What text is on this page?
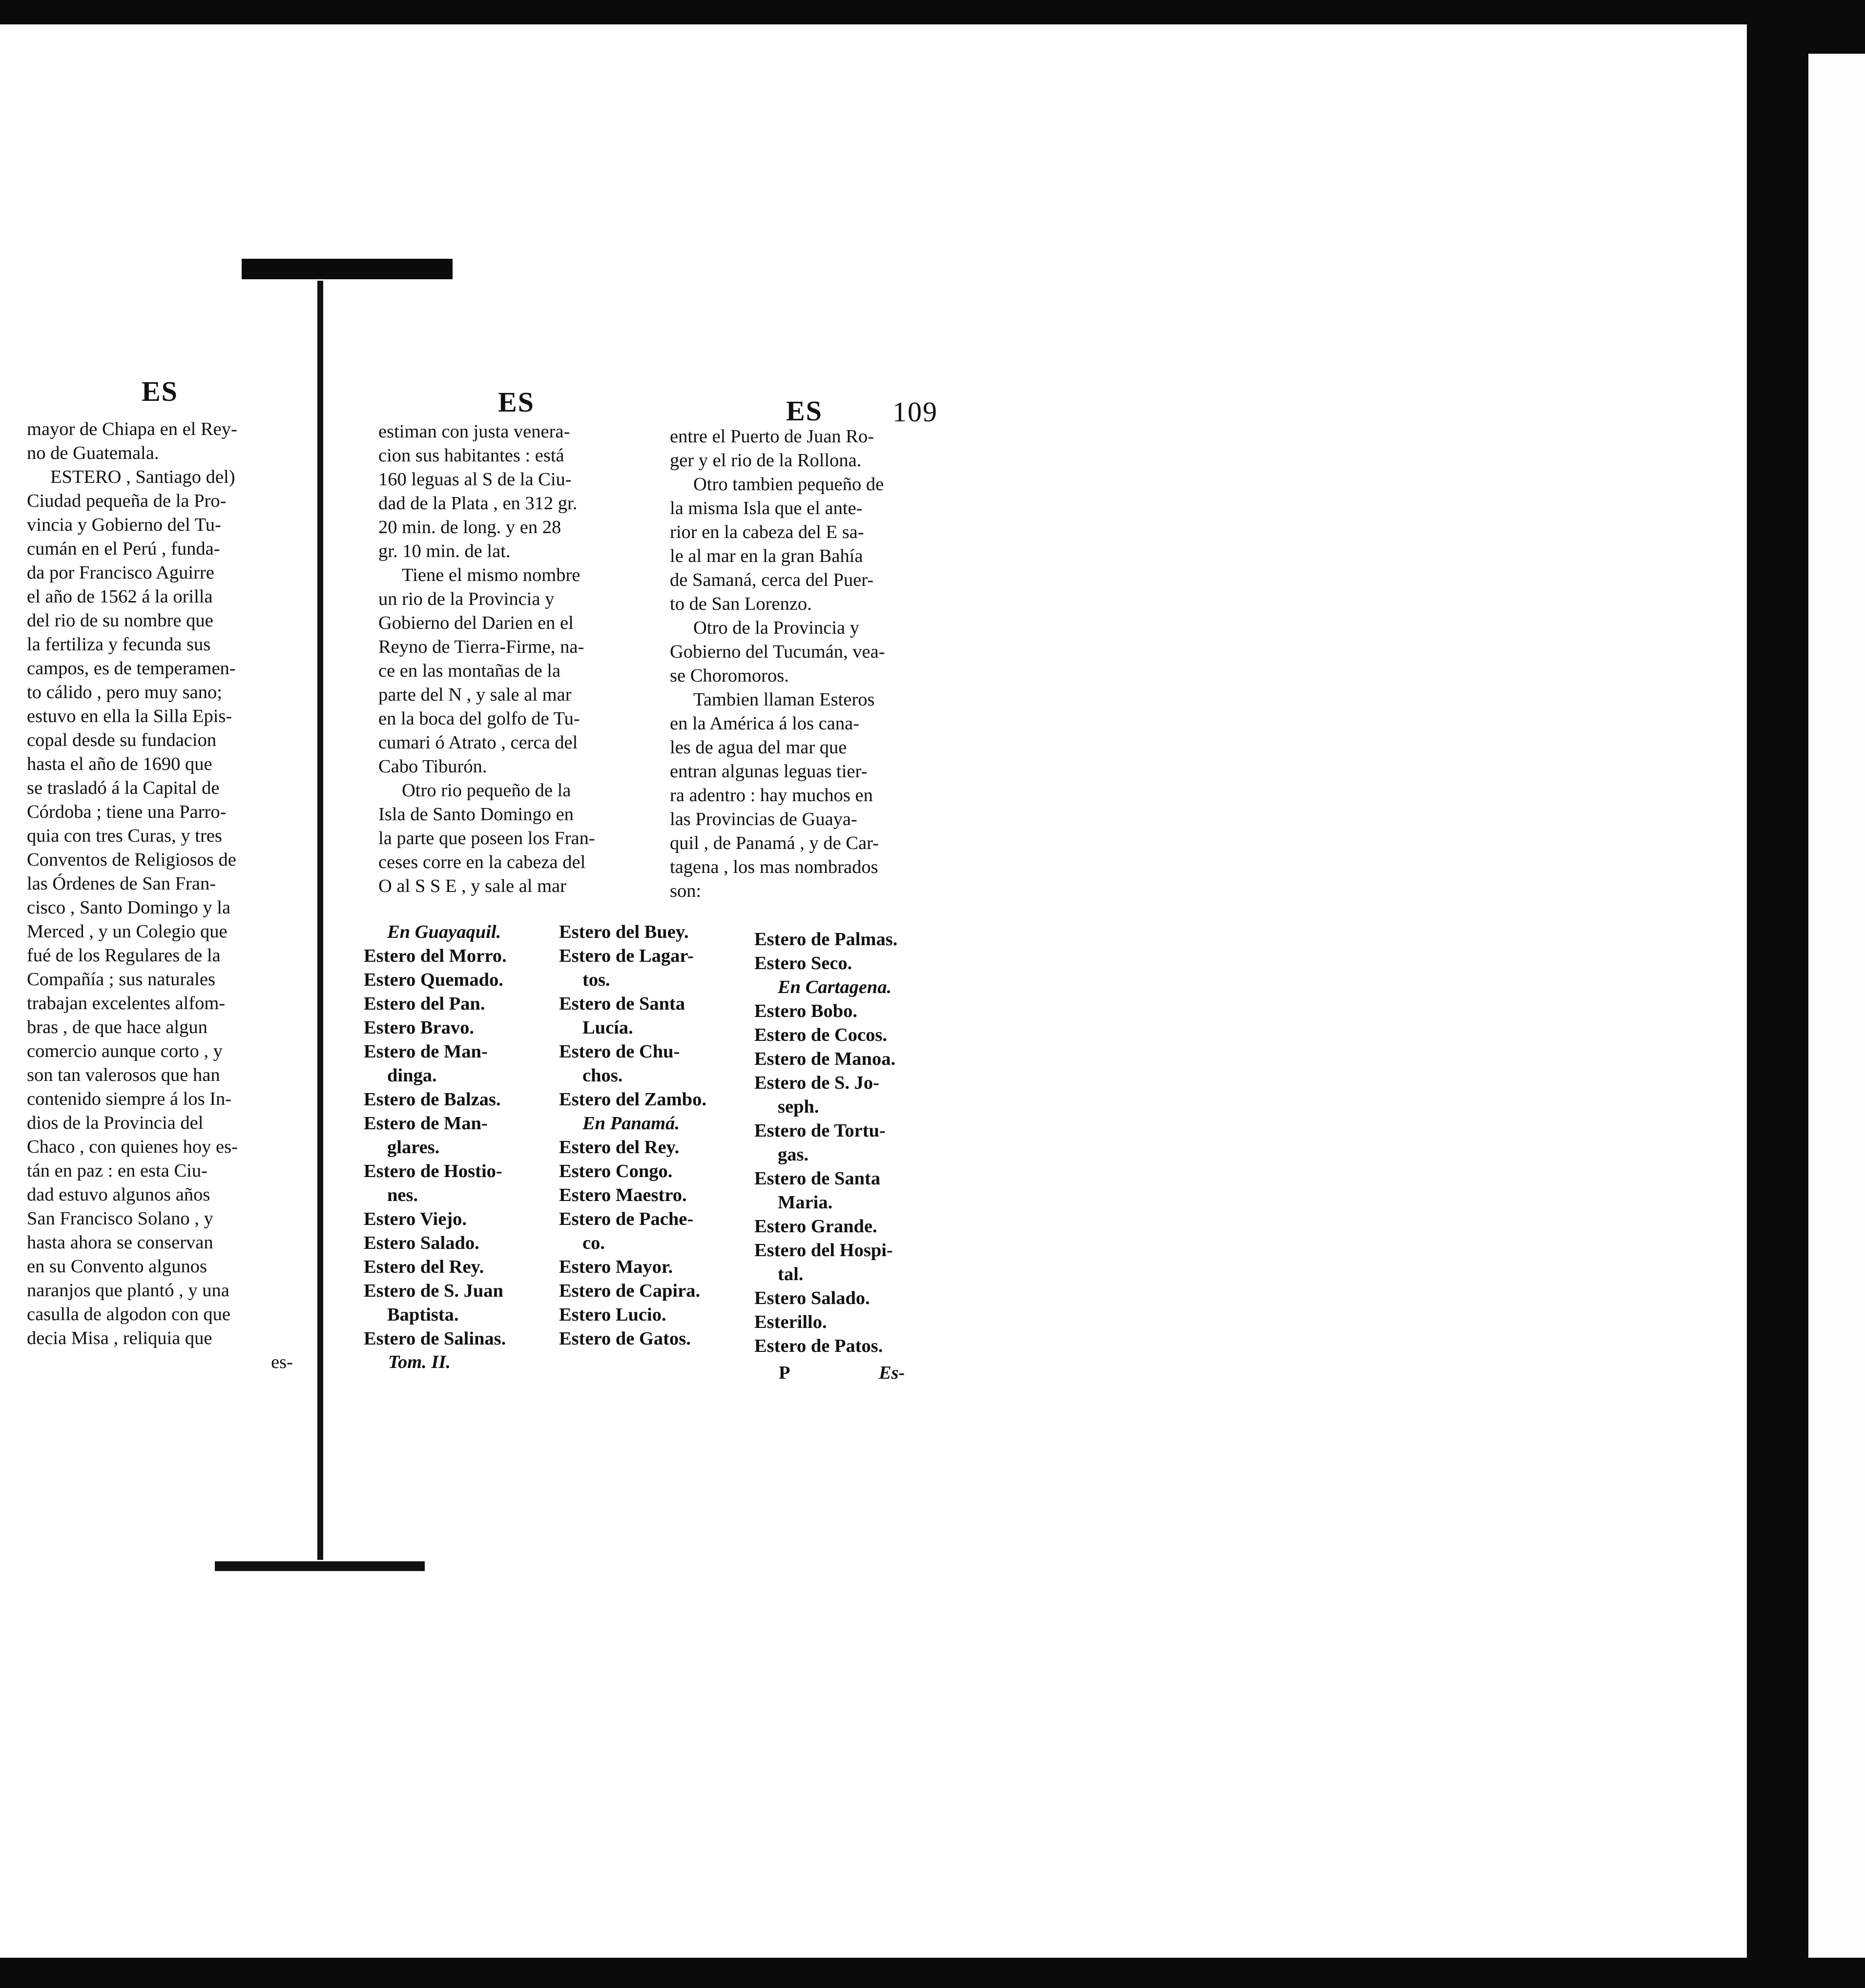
ES	ES	ES 109

mayor de Chiapa en el Rey-

no de Guatemala.

ESTERO , Santiago del)

Ciudad pequeña de la Pro-

vincia y Gobierno del Tu-

cumán en el Perú , funda-

da por Francisco Aguirre

el año de 1562 á la orilla

del rio de su nombre que

la fertiliza y fecunda sus

campos, es de temperamen-

to cálido , pero muy sano;

estuvo en ella la Silla Epis-

copal desde su fundacion

hasta el año de 1690 que

se trasladó á la Capital de

Córdoba ; tiene una Parro-

quia con tres Curas, y tres

Conventos de Religiosos de

las Órdenes de San Fran-

cisco , Santo Domingo y la

Merced , y un Colegio que

fué de los Regulares de la

Compañía ; sus naturales

trabajan excelentes alfom-

bras , de que hace algun

comercio aunque corto , y

son tan valerosos que han

contenido siempre á los In-

dios de la Provincia del

Chaco , con quienes hoy es-

tán en paz : en esta Ciu-

dad estuvo algunos años

San Francisco Solano , y

hasta ahora se conservan

en su Convento algunos

naranjos que plantó , y una

casulla de algodon con que

decia Misa , reliquia que

es-

estiman con justa venera-

cion sus habitantes : está

160 leguas al S de la Ciu-

dad de la Plata , en 312 gr.

20 min. de long. y en 28

gr. 10 min. de lat.

Tiene el mismo nombre

un rio de la Provincia y

Gobierno del Darien en el

Reyno de Tierra-Firme, na-

ce en las montañas de la

parte del N , y sale al mar

en la boca del golfo de Tu-

cumari ó Atrato , cerca del

Cabo Tiburón.

Otro rio pequeño de la

Isla de Santo Domingo en

la parte que poseen los Fran-

ceses corre en la cabeza del

O al S S E , y sale al mar

entre el Puerto de Juan Ro-

ger y el rio de la Rollona.

Otro tambien pequeño de

la misma Isla que el ante-

rior en la cabeza del E sa-

le al mar en la gran Bahía

de Samaná, cerca del Puer-

to de San Lorenzo.

Otro de la Provincia y

Gobierno del Tucumán, vea-

se Choromoros.

Tambien llaman Esteros

en la América á los cana-

les de agua del mar que

entran algunas leguas tier-

ra adentro : hay muchos en

las Provincias de Guaya-

quil , de Panamá , y de Car-

tagena , los mas nombrados

son:

En Guayaquil.
Estero del Morro.
Estero Quemado.
Estero del Pan.
Estero Bravo.
Estero de Man-
dinga.
Estero de Balzas.
Estero de Man-
glares.
Estero de Hostio-
nes.
Estero Viejo.
Estero Salado.
Estero del Rey.
Estero de S. Juan
Baptista.
Estero de Salinas.
Estero del Buey.
Estero de Lagar-
tos.
Estero de Santa
Lucía.
Estero de Chu-
chos.
Estero del Zambo.
En Panamá.
Estero del Rey.
Estero Congo.
Estero Maestro.
Estero de Pache-
co.
Estero Mayor.
Estero de Capira.
Estero Lucio.
Estero de Gatos.
Estero de Palmas.
Estero Seco.
En Cartagena.
Estero Bobo.
Estero de Cocos.
Estero de Manoa.
Estero de S. Jo-
seph.
Estero de Tortu-
gas.
Estero de Santa
Maria.
Estero Grande.
Estero del Hospi-
tal.
Estero Salado.
Esterillo.
Estero de Patos.
Tom. II.
P	Es-
